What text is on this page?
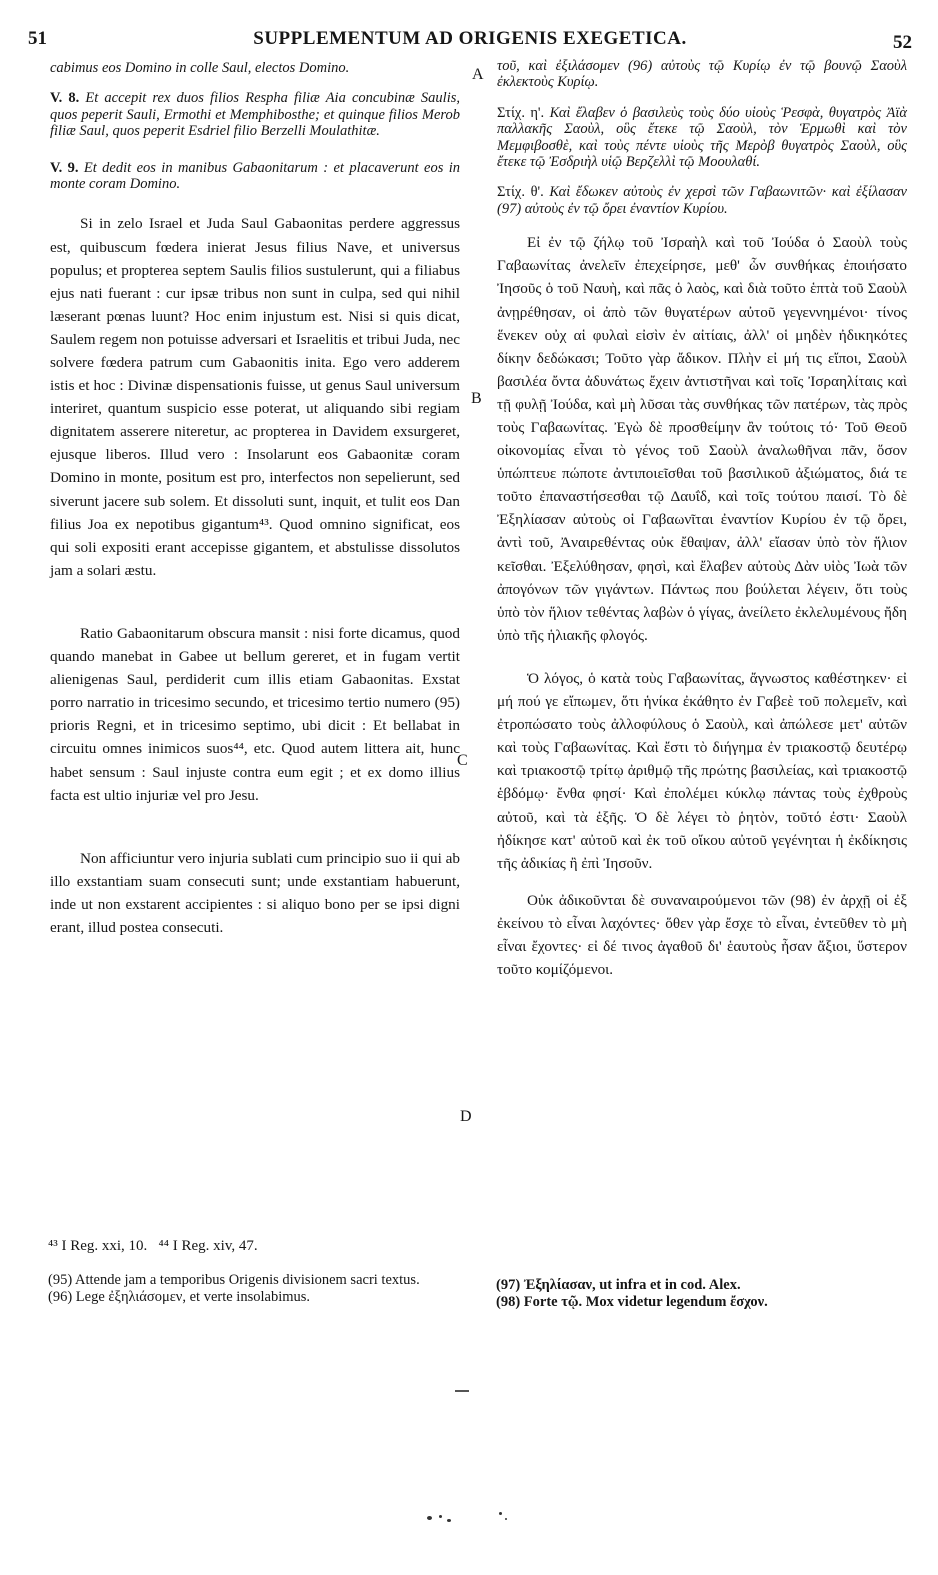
51	SUPPLEMENTUM AD ORIGENIS EXEGETICA.	52

cabimus eos Domino in colle Saul, electos Domino.

V. 8. Et accepit rex duos filios Respha filiæ Aia concubinæ Saulis, quos peperit Sauli, Ermothi et Memphibosthe; et quinque filios Merob filiæ Saul, quos peperit Esdriel filio Berzelli Moulathitæ.

V. 9. Et dedit eos in manibus Gabaonitarum : et placaverunt eos in monte coram Domino.

Si in zelo Israel et Juda Saul Gabaonitas perdere aggressus est, quibuscum fœdera inierat Jesus filius Nave, et universus populus; et propterea septem Saulis filios sustulerunt, qui a filiabus ejus nati fuerant : cur ipsæ tribus non sunt in culpa, sed qui nihil læserant pœnas luunt? Hoc enim injustum est. Nisi si quis dicat, Saulem regem non potuisse adversari et Israelitis et tribui Juda, nec solvere fœdera patrum cum Gabaonitis inita. Ego vero adderem istis et hoc : Divinæ dispensationis fuisse, ut genus Saul universum interiret, quantum suspicio esse poterat, ut aliquando sibi regiam dignitatem asserere niteretur, ac propterea in Davidem exsurgeret, ejusque liberos. Illud vero : Insolarunt eos Gabaonitæ coram Domino in monte, positum est pro, interfectos non sepelierunt, sed siverunt jacere sub solem. Et dissoluti sunt, inquit, et tulit eos Dan filius Joa ex nepotibus gigantum⁴³. Quod omnino significat, eos qui soli expositi erant accepisse gigantem, et abstulisse dissolutos jam a solari æstu.

Ratio Gabaonitarum obscura mansit : nisi forte dicamus, quod quando manebat in Gabee ut bellum gereret, et in fugam vertit alienigenas Saul, perdiderit cum illis etiam Gabaonitas. Exstat porro narratio in tricesimo secundo, et tricesimo tertio numero (95) prioris Regni, et in tricesimo septimo, ubi dicit : Et bellabat in circuitu omnes inimicos suos⁴⁴, etc. Quod autem littera ait, hunc habet sensum : Saul injuste contra eum egit ; et ex domo illius facta est ultio injuriæ vel pro Jesu.

Non afficiuntur vero injuria sublati cum principio suo ii qui ab illo exstantiam suam consecuti sunt; unde exstantiam habuerunt, inde ut non exstarent accipientes : si aliquo bono per se ipsi digni erant, illud postea consecuti.

τοῦ, καὶ ἐξιλάσομεν (96) αὐτοὺς τῷ Κυρίῳ ἐν τῷ βουνῷ Σαοὺλ ἐκλεκτοὺς Κυρίῳ.

Στίχ. η'. Καὶ ἔλαβεν ὁ βασιλεὺς τοὺς δύο υἱοὺς Ῥεσφὰ, θυγατρὸς Ἀϊὰ παλλακῆς Σαοὺλ, οὓς ἔτεκε τῷ Σαοὺλ, τὸν Ἑρμωθὶ καὶ τὸν Μεμφιβοσθὲ, καὶ τοὺς πέντε υἱοὺς τῆς Μερὸβ θυγατρὸς Σαοὺλ, οὓς ἔτεκε τῷ Ἐσδριὴλ υἱῷ Βερζελλὶ τῷ Μοουλαθί.

Στίχ. θ'. Καὶ ἔδωκεν αὐτοὺς ἐν χερσὶ τῶν Γαβαωνιτῶν· καὶ ἐξίλασαν (97) αὐτοὺς ἐν τῷ ὄρει ἐναντίον Κυρίου.

Εἰ ἐν τῷ ζήλῳ τοῦ Ἰσραὴλ καὶ τοῦ Ἰούδα ὁ Σαοὺλ τοὺς Γαβαωνίτας ἀνελεῖν ἐπεχείρησε, μεθ' ὧν συνθήκας ἐποιήσατο Ἰησοῦς ὁ τοῦ Ναυὴ, καὶ πᾶς ὁ λαὸς, καὶ διὰ τοῦτο ἑπτὰ τοῦ Σαοὺλ ἀνῃρέθησαν, οἱ ἀπὸ τῶν θυγατέρων αὐτοῦ γεγεννημένοι· τίνος ἕνεκεν οὐχ αἱ φυλαὶ εἰσὶν ἐν αἰτίαις, ἀλλ' οἱ μηδὲν ἠδικηκότες δίκην δεδώκασι; Τοῦτο γὰρ ἄδικον. Πλὴν εἰ μή τις εἴποι, Σαοὺλ βασιλέα ὄντα ἀδυνάτως ἔχειν ἀντιστῆναι καὶ τοῖς Ἰσραηλίταις καὶ τῇ φυλῇ Ἰούδα, καὶ μὴ λῦσαι τὰς συνθήκας τῶν πατέρων, τὰς πρὸς τοὺς Γαβαωνίτας. Ἐγὼ δὲ προσθείμην ἂν τούτοις τό· Τοῦ Θεοῦ οἰκονομίας εἶναι τὸ γένος τοῦ Σαοὺλ ἀναλωθῆναι πᾶν, ὅσον ὑπώπτευε πώποτε ἀντιποιεῖσθαι τοῦ βασιλικοῦ ἀξιώματος, διά τε τοῦτο ἐπαναστήσεσθαι τῷ Δαυΐδ, καὶ τοῖς τούτου παισί. Τὸ δὲ Ἐξηλίασαν αὐτοὺς οἱ Γαβαωνῖται ἐναντίον Κυρίου ἐν τῷ ὄρει, ἀντὶ τοῦ, Ἀναιρεθέντας οὐκ ἔθαψαν, ἀλλ' εἴασαν ὑπὸ τὸν ἥλιον κεῖσθαι. Ἐξελύθησαν, φησὶ, καὶ ἔλαβεν αὐτοὺς Δὰν υἱὸς Ἰωὰ τῶν ἀπογόνων τῶν γιγάντων. Πάντως που βούλεται λέγειν, ὅτι τοὺς ὑπὸ τὸν ἥλιον τεθέντας λαβὼν ὁ γίγας, ἀνείλετο ἐκλελυμένους ἤδη ὑπὸ τῆς ἡλιακῆς φλογός.

Ὁ λόγος, ὁ κατὰ τοὺς Γαβαωνίτας, ἄγνωστος καθέστηκεν· εἰ μή πού γε εἴπωμεν, ὅτι ἡνίκα ἐκάθητο ἐν Γαβεὲ τοῦ πολεμεῖν, καὶ ἐτροπώσατο τοὺς ἀλλοφύλους ὁ Σαοὺλ, καὶ ἀπώλεσε μετ' αὐτῶν καὶ τοὺς Γαβαωνίτας. Καὶ ἔστι τὸ διήγημα ἐν τριακοστῷ δευτέρῳ καὶ τριακοστῷ τρίτῳ ἀριθμῷ τῆς πρώτης βασιλείας, καὶ τριακοστῷ ἑβδόμῳ· ἔνθα φησί· Καὶ ἐπολέμει κύκλῳ πάντας τοὺς ἐχθροὺς αὐτοῦ, καὶ τὰ ἑξῆς. Ὁ δὲ λέγει τὸ ῥητὸν, τοῦτό ἐστι· Σαοὺλ ἠδίκησε κατ' αὐτοῦ καὶ ἐκ τοῦ οἴκου αὐτοῦ γεγένηται ἡ ἐκδίκησις τῆς ἀδικίας ἢ ἐπὶ Ἰησοῦν.

Οὐκ ἀδικοῦνται δὲ συναναιρούμενοι τῶν (98) ἐν ἀρχῇ οἱ ἐξ ἐκείνου τὸ εἶναι λαχόντες· ὅθεν γὰρ ἔσχε τὸ εἶναι, ἐντεῦθεν τὸ μὴ εἶναι ἔχοντες· εἰ δέ τινος ἀγαθοῦ δι' ἑαυτοὺς ἦσαν ἄξιοι, ὕστερον τοῦτο κομίζόμενοι.

A
B
C
D
⁴³ I Reg. xxi, 10.   ⁴⁴ I Reg. xiv, 47.

(95) Attende jam a temporibus Origenis divisionem sacri textus.

(96) Lege ἐξηλιάσομεν, et verte insolabimus.

(97) Ἐξηλίασαν, ut infra et in cod. Alex.

(98) Forte τῷ. Mox videtur legendum ἔσχον.
